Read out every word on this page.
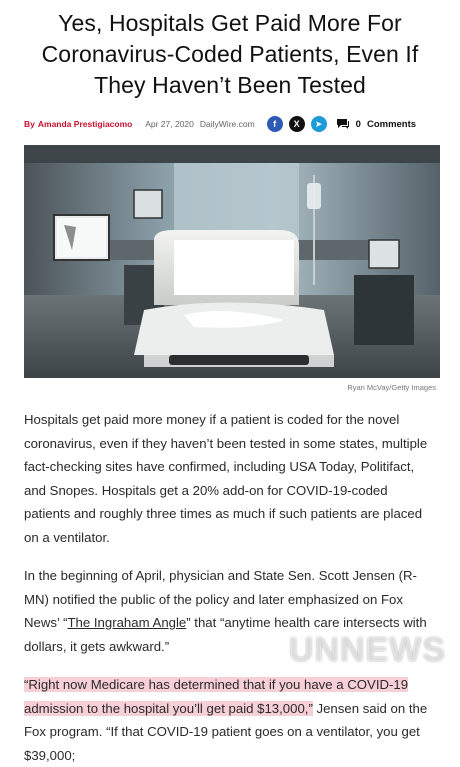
Yes, Hospitals Get Paid More For Coronavirus-Coded Patients, Even If They Haven’t Been Tested
By Amanda Prestigiacomo · Apr 27, 2020 DailyWire.com	f	X	➤	0 Comments
Ryan McVay/Getty Images

Hospitals get paid more money if a patient is coded for the novel coronavirus, even if they haven’t been tested in some states, multiple fact-checking sites have confirmed, including USA Today, Politifact, and Snopes. Hospitals get a 20% add-on for COVID-19-coded patients and roughly three times as much if such patients are placed on a ventilator.

In the beginning of April, physician and State Sen. Scott Jensen (R-MN) notified the public of the policy and later emphasized on Fox News’ “The Ingraham Angle” that “anytime health care intersects with dollars, it gets awkward.”

“Right now Medicare has determined that if you have a COVID-19 admission to the hospital you’ll get paid $13,000,” Jensen said on the Fox program. “If that COVID-19 patient goes on a ventilator, you get $39,000;

UNNEWS
